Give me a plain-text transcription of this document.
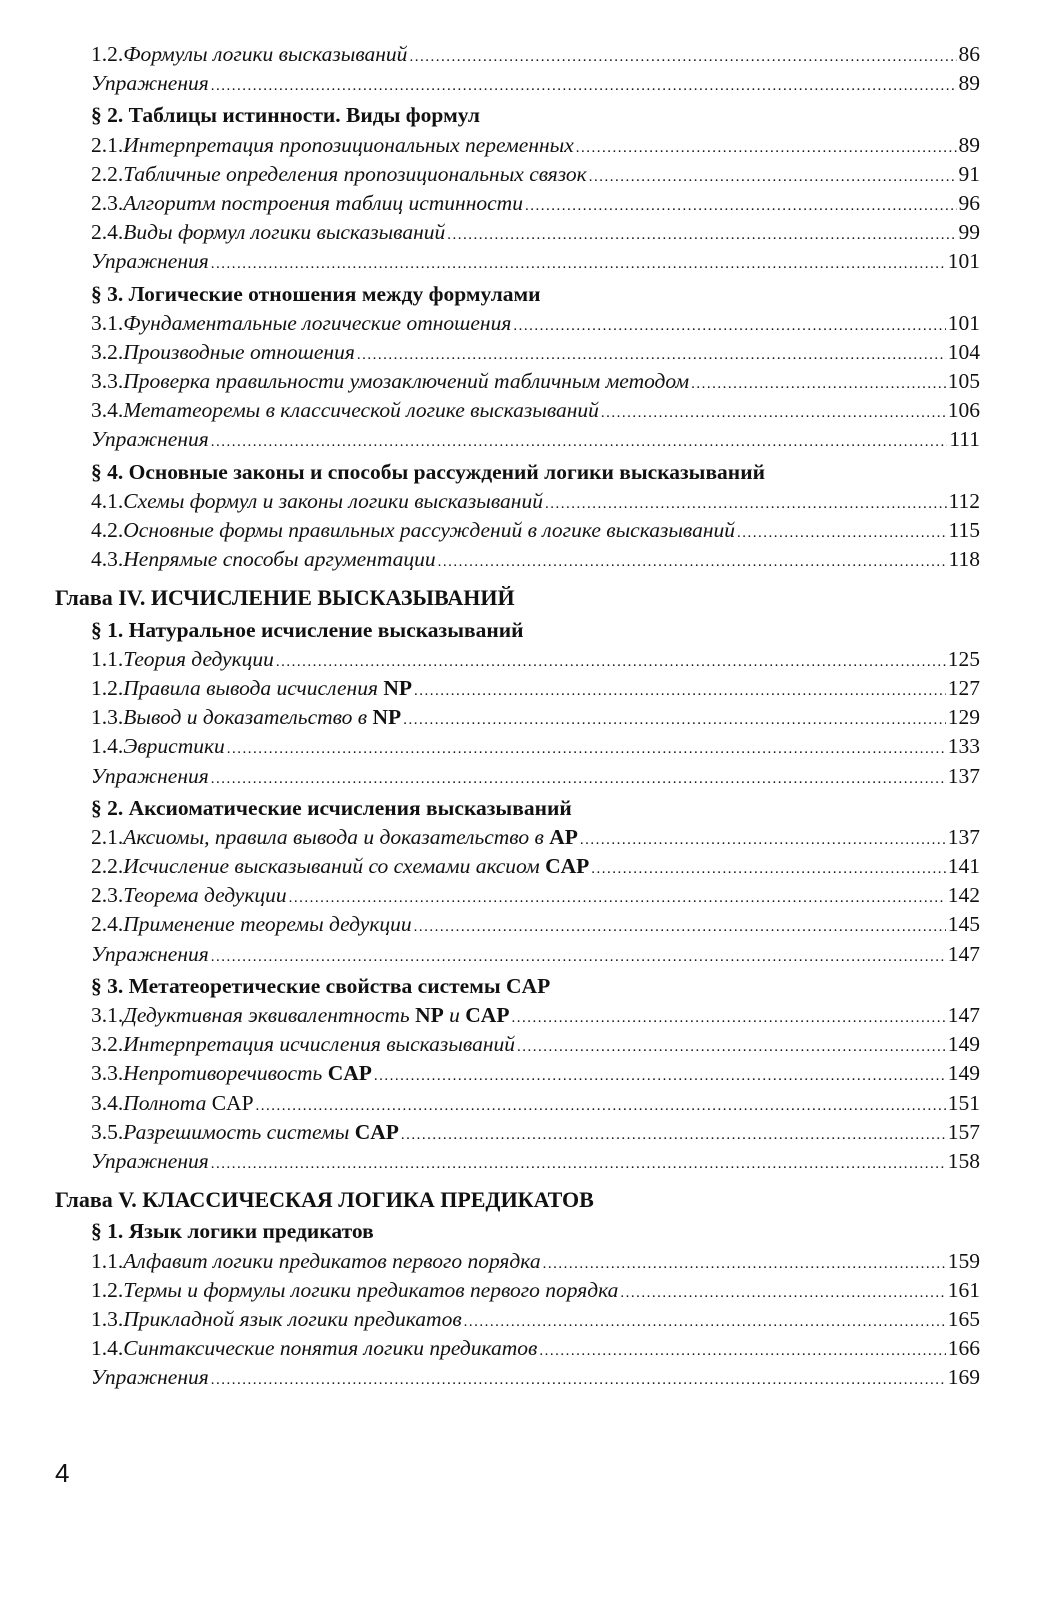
1.2. Формулы логики высказываний .....	86
Упражнения .....	89
§ 2. Таблицы истинности. Виды формул
2.1. Интерпретация пропозициональных переменных .....	89
2.2. Табличные определения пропозициональных связок .....	91
2.3. Алгоритм построения таблиц истинности .....	96
2.4. Виды формул логики высказываний .....	99
Упражнения .....	101
§ 3. Логические отношения между формулами
3.1. Фундаментальные логические отношения .....	101
3.2. Производные отношения .....	104
3.3. Проверка правильности умозаключений табличным методом .....	105
3.4. Метатеоремы в классической логике высказываний .....	106
Упражнения .....	111
§ 4. Основные законы и способы рассуждений логики высказываний
4.1. Схемы формул и законы логики высказываний .....	112
4.2. Основные формы правильных рассуждений в логике высказываний .....	115
4.3. Непрямые способы аргументации .....	118
Глава IV. ИСЧИСЛЕНИЕ ВЫСКАЗЫВАНИЙ
§ 1. Натуральное исчисление высказываний
1.1. Теория дедукции .....	125
1.2. Правила вывода исчисления NP .....	127
1.3. Вывод и доказательство в NP .....	129
1.4. Эвристики .....	133
Упражнения .....	137
§ 2. Аксиоматические исчисления высказываний
2.1. Аксиомы, правила вывода и доказательство в AP .....	137
2.2. Исчисление высказываний со схемами аксиом CAP .....	141
2.3. Теорема дедукции .....	142
2.4. Применение теоремы дедукции .....	145
Упражнения .....	147
§ 3. Метатеоретические свойства системы CAP
3.1. Дедуктивная эквивалентность NP и CAP .....	147
3.2. Интерпретация исчисления высказываний .....	149
3.3. Непротиворечивость CAP .....	149
3.4. Полнота CAP .....	151
3.5. Разрешимость системы CAP .....	157
Упражнения .....	158
Глава V. КЛАССИЧЕСКАЯ ЛОГИКА ПРЕДИКАТОВ
§ 1. Язык логики предикатов
1.1. Алфавит логики предикатов первого порядка .....	159
1.2. Термы и формулы логики предикатов первого порядка .....	161
1.3. Прикладной язык логики предикатов .....	165
1.4. Синтаксические понятия логики предикатов .....	166
Упражнения .....	169
4
